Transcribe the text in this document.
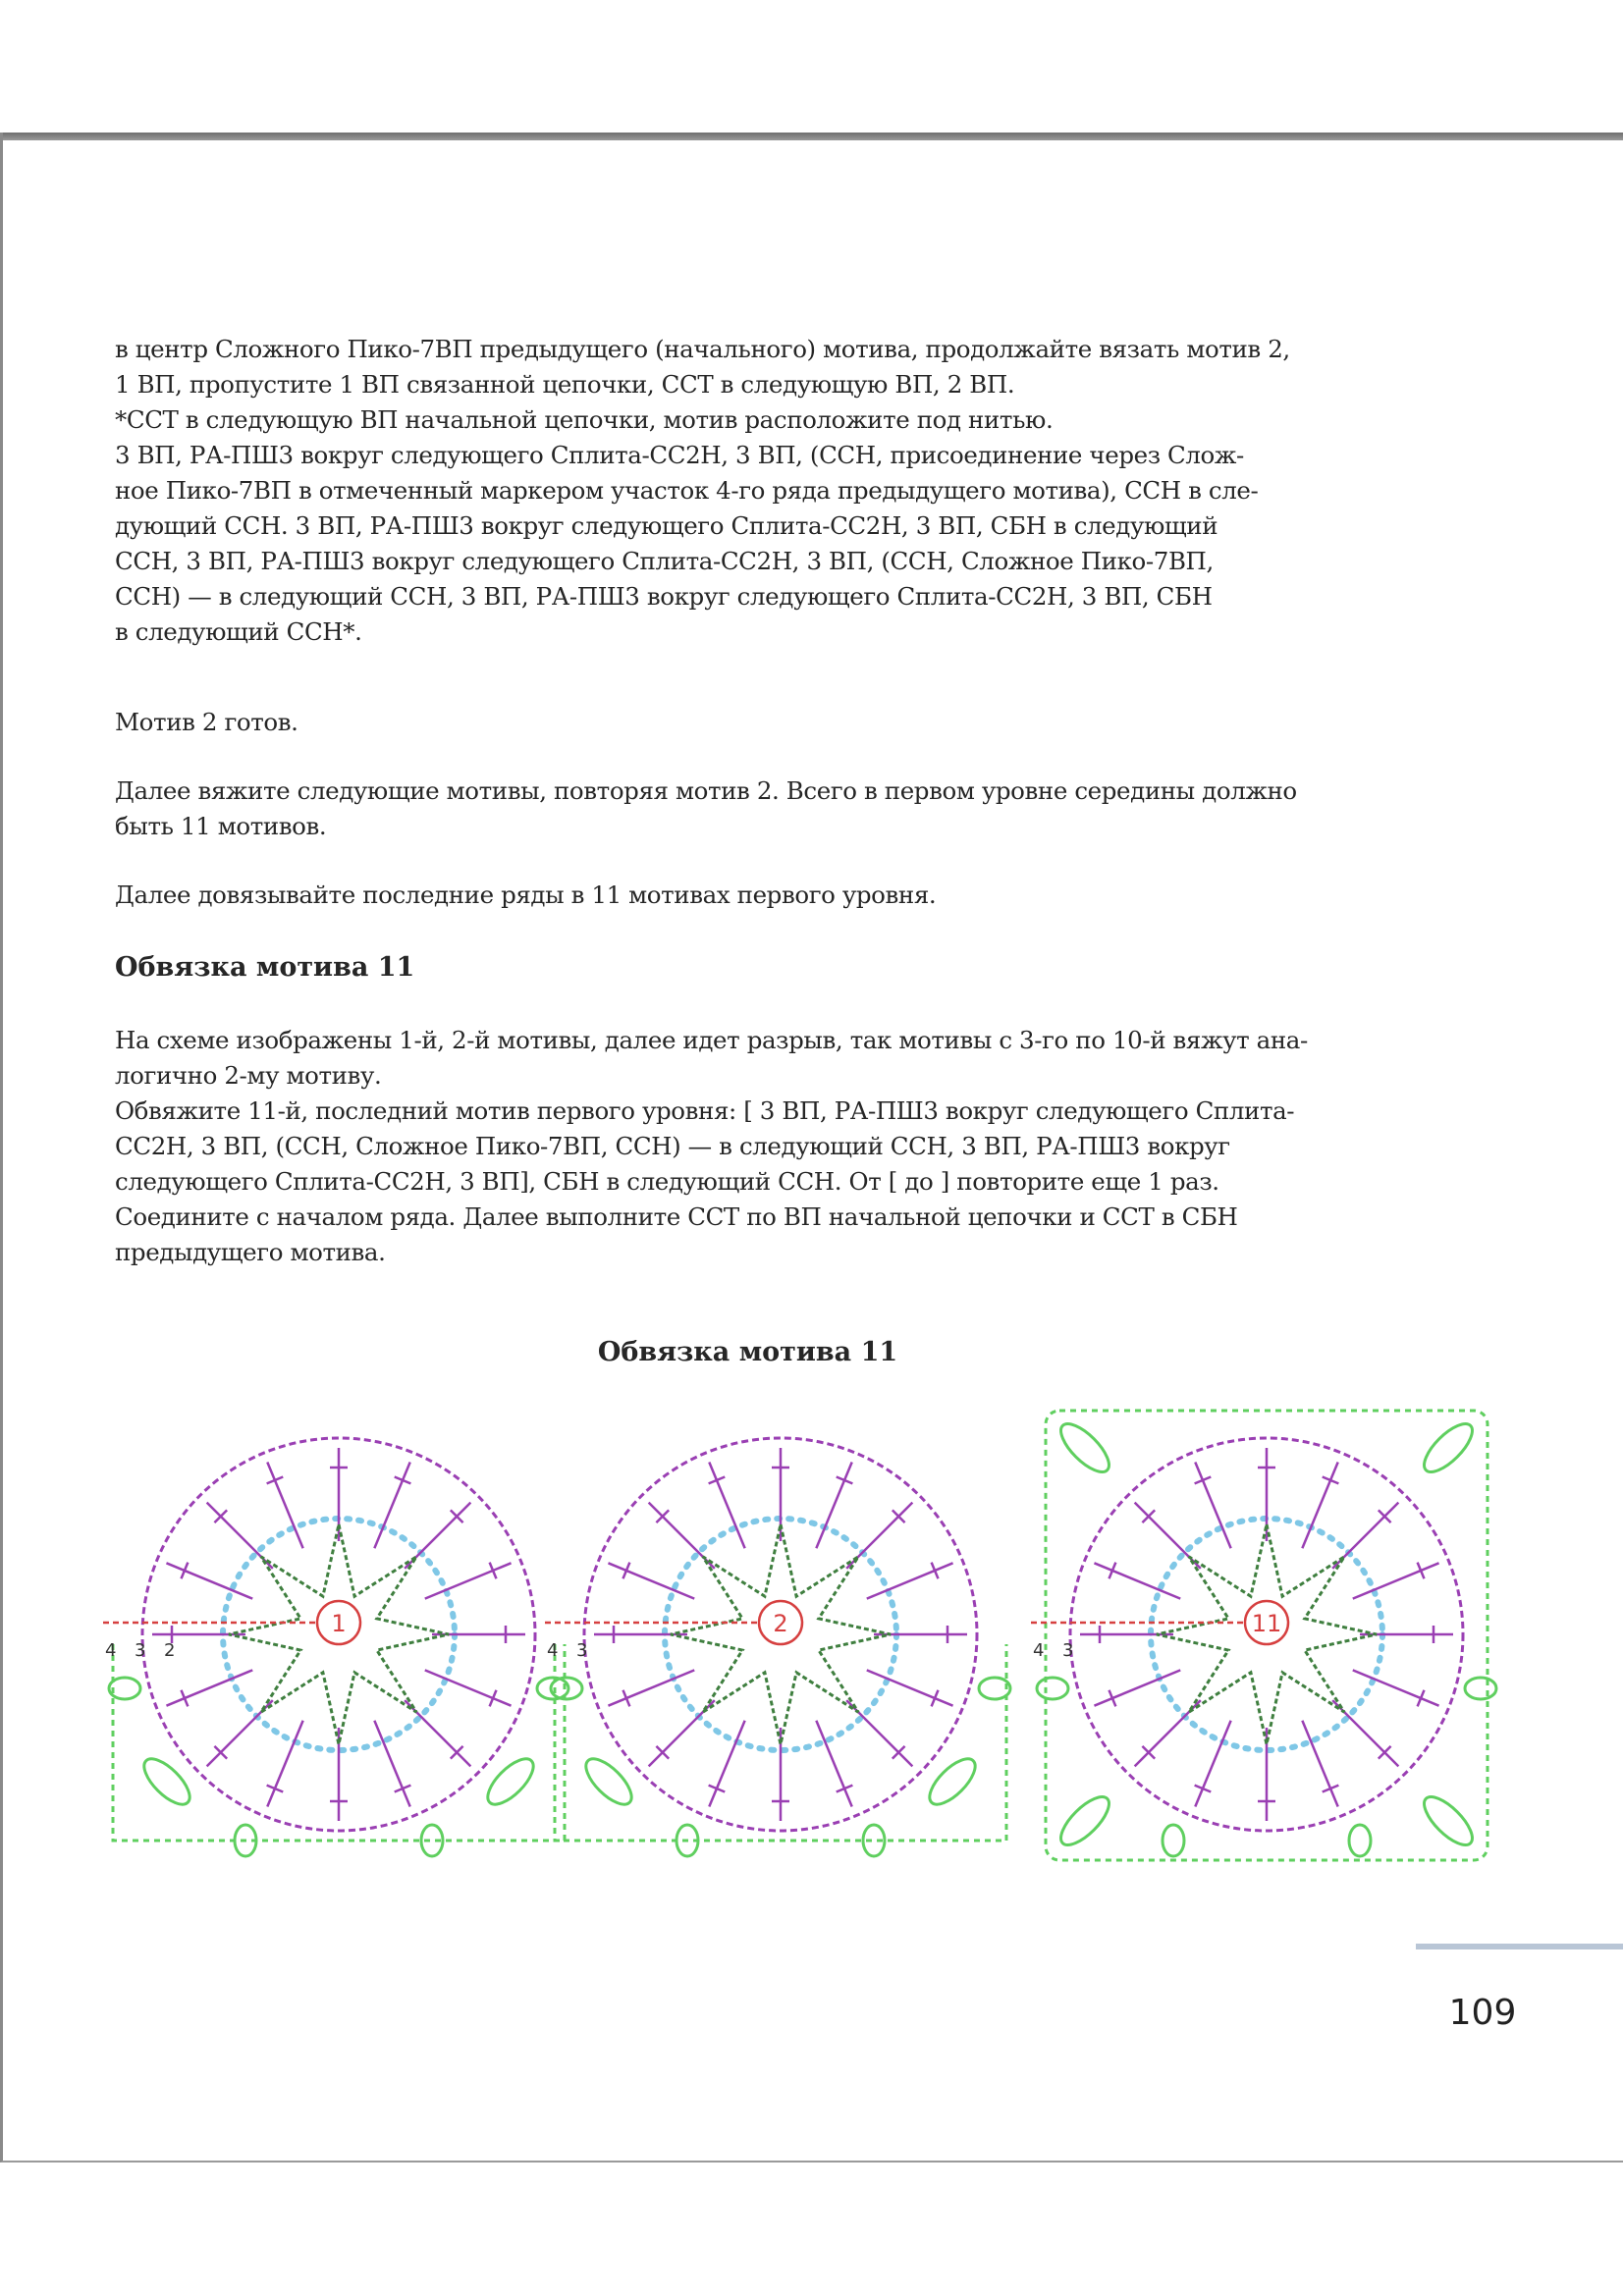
в центр Сложного Пико-7ВП предыдущего (начального) мотива, продолжайте вязать мотив 2,

1 ВП, пропустите 1 ВП связанной цепочки, ССТ в следующую ВП, 2 ВП.

*ССТ в следующую ВП начальной цепочки, мотив расположите под нитью.

3 ВП, РА-ПШ3 вокруг следующего Сплита-СС2Н, 3 ВП, (ССН, присоединение через Слож-

ное Пико-7ВП в отмеченный маркером участок 4-го ряда предыдущего мотива), ССН в сле-

дующий ССН. 3 ВП, РА-ПШ3 вокруг следующего Сплита-СС2Н, 3 ВП, СБН в следующий

ССН, 3 ВП, РА-ПШ3 вокруг следующего Сплита-СС2Н, 3 ВП, (ССН, Сложное Пико-7ВП,

ССН) — в следующий ССН, 3 ВП, РА-ПШ3 вокруг следующего Сплита-СС2Н, 3 ВП, СБН

в следующий ССН*.

Мотив 2 готов.

Далее вяжите следующие мотивы, повторяя мотив 2. Всего в первом уровне середины должно

быть 11 мотивов.

Далее довязывайте последние ряды в 11 мотивах первого уровня.

Обвязка мотива 11

На схеме изображены 1-й, 2-й мотивы, далее идет разрыв, так мотивы с 3-го по 10-й вяжут ана-

логично 2-му мотиву.

Обвяжите 11-й, последний мотив первого уровня: [ 3 ВП, РА-ПШ3 вокруг следующего Сплита-

СС2Н, 3 ВП, (ССН, Сложное Пико-7ВП, ССН) — в следующий ССН, 3 ВП, РА-ПШ3 вокруг

следующего Сплита-СС2Н, 3 ВП], СБН в следующий ССН. От [ до ] повторите еще 1 раз.

Соедините с началом ряда. Далее выполните ССТ по ВП начальной цепочки и ССТ в СБН

предыдущего мотива.

Обвязка мотива 11
1
4 3 2
2
4 3
11
4 3
109
